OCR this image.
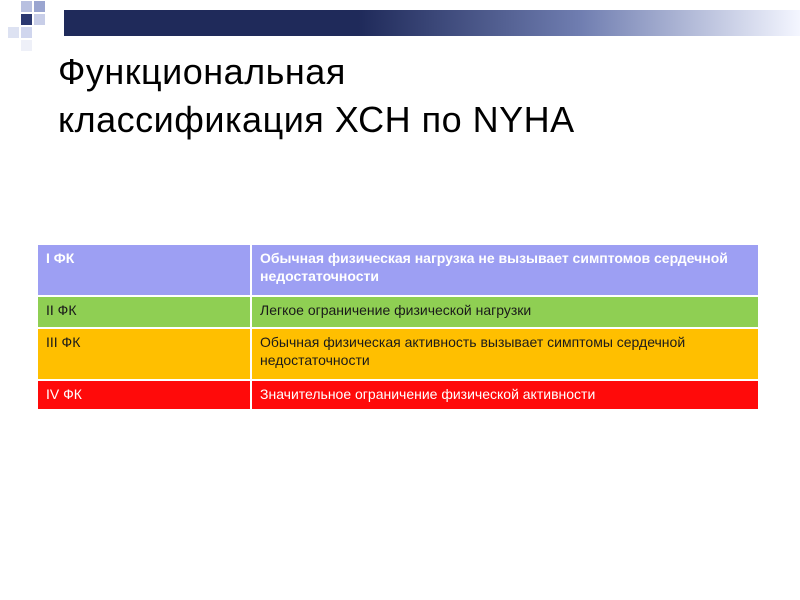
Функциональная
классификация ХСН по NYHA
I ФК	Обычная физическая нагрузка не вызывает симптомов сердечной недостаточности
II ФК	Легкое ограничение физической нагрузки
III ФК	Обычная физическая активность вызывает симптомы сердечной недостаточности
IV ФК	Значительное ограничение физической активности
